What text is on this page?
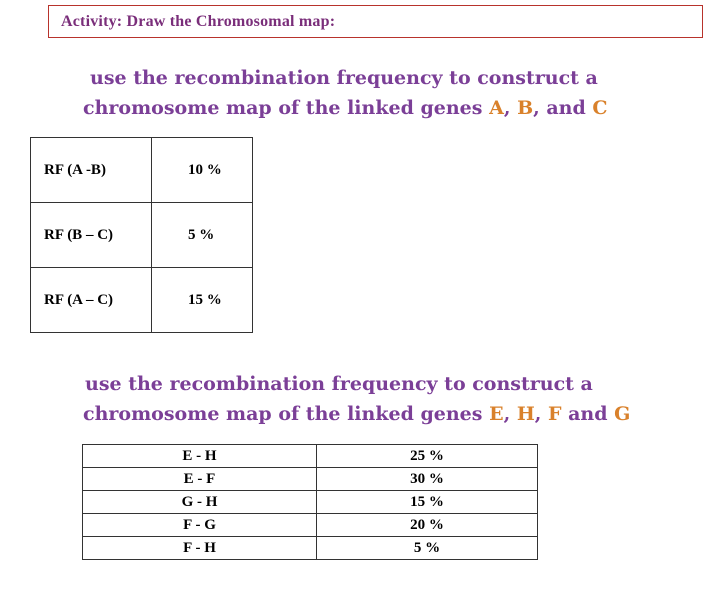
Activity: Draw the Chromosomal map:
use the recombination frequency to construct a
chromosome map of the linked genes A, B, and C
RF (A -B)	10 %
RF (B – C)	5 %
RF (A – C)	15 %
use the recombination frequency to construct a
chromosome map of the linked genes E, H, F and G
E - H	25 %
E - F	30 %
G - H	15 %
F - G	20 %
F - H	5 %
